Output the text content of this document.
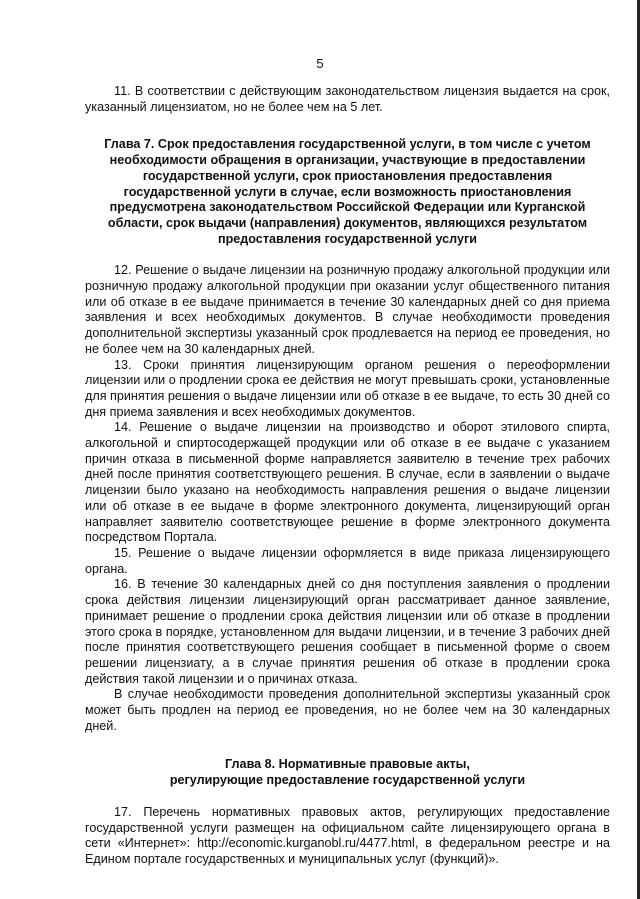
5

11. В соответствии с действующим законодательством лицензия выдается на срок, указанный лицензиатом, но не более чем на 5 лет.

Глава 7. Срок предоставления государственной услуги, в том числе с учетом необходимости обращения в организации, участвующие в предоставлении государственной услуги, срок приостановления предоставления государственной услуги в случае, если возможность приостановления предусмотрена законодательством Российской Федерации или Курганской области, срок выдачи (направления) документов, являющихся результатом предоставления государственной услуги

12. Решение о выдаче лицензии на розничную продажу алкогольной продукции или розничную продажу алкогольной продукции при оказании услуг общественного питания или об отказе в ее выдаче принимается в течение 30 календарных дней со дня приема заявления и всех необходимых документов. В случае необходимости проведения дополнительной экспертизы указанный срок продлевается на период ее проведения, но не более чем на 30 календарных дней.

13. Сроки принятия лицензирующим органом решения о переоформлении лицензии или о продлении срока ее действия не могут превышать сроки, установленные для принятия решения о выдаче лицензии или об отказе в ее выдаче, то есть 30 дней со дня приема заявления и всех необходимых документов.

14. Решение о выдаче лицензии на производство и оборот этилового спирта, алкогольной и спиртосодержащей продукции или об отказе в ее выдаче с указанием причин отказа в письменной форме направляется заявителю в течение трех рабочих дней после принятия соответствующего решения. В случае, если в заявлении о выдаче лицензии было указано на необходимость направления решения о выдаче лицензии или об отказе в ее выдаче в форме электронного документа, лицензирующий орган направляет заявителю соответствующее решение в форме электронного документа посредством Портала.

15. Решение о выдаче лицензии оформляется в виде приказа лицензирующего органа.

16. В течение 30 календарных дней со дня поступления заявления о продлении срока действия лицензии лицензирующий орган рассматривает данное заявление, принимает решение о продлении срока действия лицензии или об отказе в продлении этого срока в порядке, установленном для выдачи лицензии, и в течение 3 рабочих дней после принятия соответствующего решения сообщает в письменной форме о своем решении лицензиату, а в случае принятия решения об отказе в продлении срока действия такой лицензии и о причинах отказа.

В случае необходимости проведения дополнительной экспертизы указанный срок может быть продлен на период ее проведения, но не более чем на 30 календарных дней.

Глава 8. Нормативные правовые акты,
регулирующие предоставление государственной услуги

17. Перечень нормативных правовых актов, регулирующих предоставление государственной услуги размещен на официальном сайте лицензирующего органа в сети «Интернет»: http://economic.kurganobl.ru/4477.html, в федеральном реестре и на Едином портале государственных и муниципальных услуг (функций)».
